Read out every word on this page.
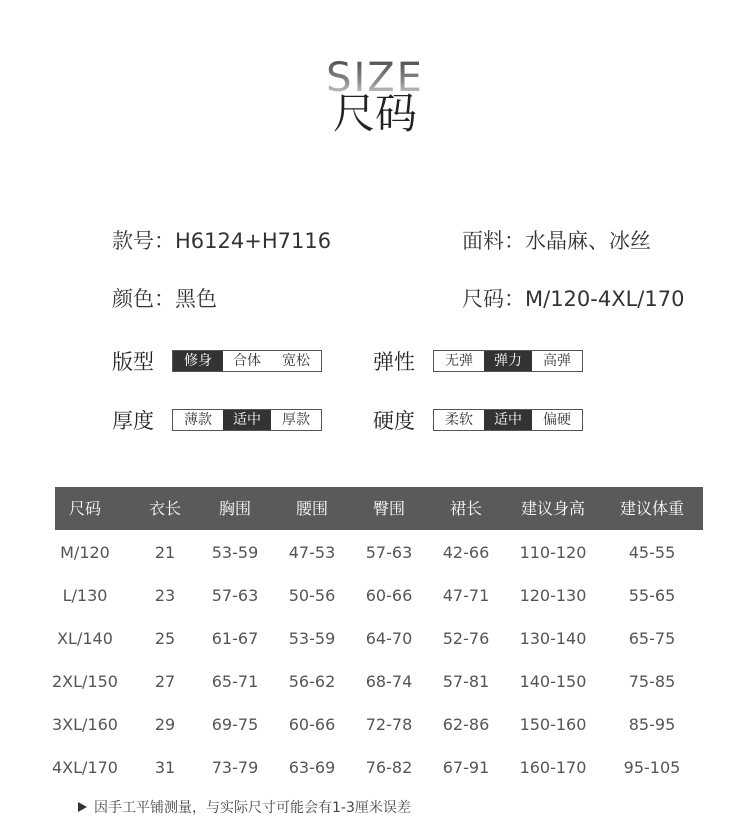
SIZE
尺码
款号：H6124+H7116	面料：水晶麻、冰丝
颜色：黑色	尺码：M/120-4XL/170
版型	修身	合体	宽松	弹性	无弹	弹力	高弹
厚度	薄款	适中	厚款	硬度	柔软	适中	偏硬
尺码	衣长	胸围	腰围	臀围	裙长	建议身高	建议体重
M/120	21	53-59	47-53	57-63	42-66	110-120	45-55
L/130	23	57-63	50-56	60-66	47-71	120-130	55-65
XL/140	25	61-67	53-59	64-70	52-76	130-140	65-75
2XL/150	27	65-71	56-62	68-74	57-81	140-150	75-85
3XL/160	29	69-75	60-66	72-78	62-86	150-160	85-95
4XL/170	31	73-79	63-69	76-82	67-91	160-170	95-105
因手工平铺测量，与实际尺寸可能会有1-3厘米误差
